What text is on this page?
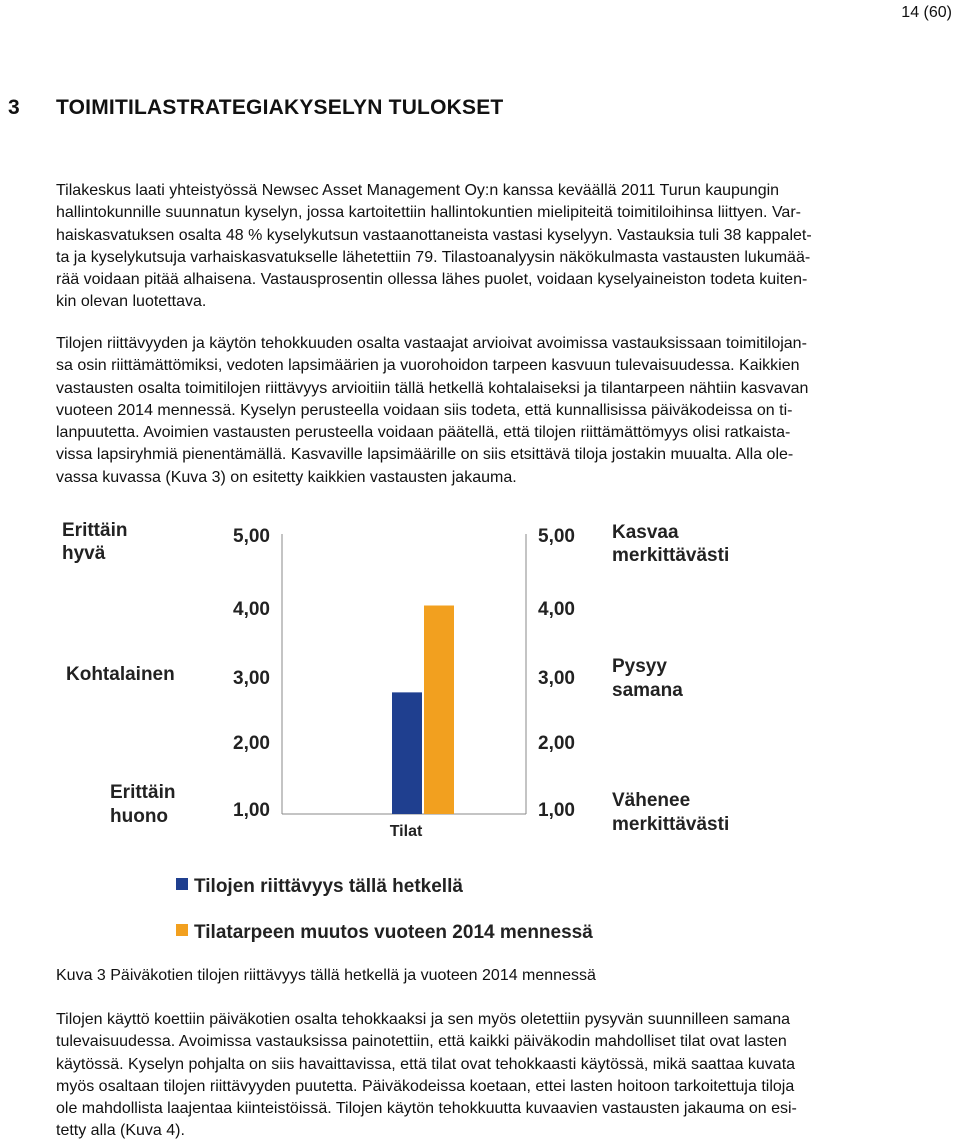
14 (60)
3 TOIMITILASTRATEGIAKYSELYN TULOKSET
Tilakeskus laati yhteistyössä Newsec Asset Management Oy:n kanssa keväällä 2011 Turun kaupungin
hallintokunnille suunnatun kyselyn, jossa kartoitettiin hallintokuntien mielipiteitä toimitiloihinsa liittyen. Var-
haiskasvatuksen osalta 48 % kyselykutsun vastaanottaneista vastasi kyselyyn. Vastauksia tuli 38 kappalet-
ta ja kyselykutsuja varhaiskasvatukselle lähetettiin 79. Tilastoanalyysin näkökulmasta vastausten lukumää-
rää voidaan pitää alhaisena. Vastausprosentin ollessa lähes puolet, voidaan kyselyaineiston todeta kuiten-
kin olevan luotettava.
Tilojen riittävyyden ja käytön tehokkuuden osalta vastaajat arvioivat avoimissa vastauksissaan toimitilojan-
sa osin riittämättömiksi, vedoten lapsimäärien ja vuorohoidon tarpeen kasvuun tulevaisuudessa. Kaikkien
vastausten osalta toimitilojen riittävyys arvioitiin tällä hetkellä kohtalaiseksi ja tilantarpeen nähtiin kasvavan
vuoteen 2014 mennessä. Kyselyn perusteella voidaan siis todeta, että kunnallisissa päiväkodeissa on ti-
lanpuutetta. Avoimien vastausten perusteella voidaan päätellä, että tilojen riittämättömyys olisi ratkaista-
vissa lapsiryhmiä pienentämällä. Kasvaville lapsimäärille on siis etsittävä tiloja jostakin muualta. Alla ole-
vassa kuvassa (Kuva 3) on esitetty kaikkien vastausten jakauma.
Erittäin
hyvä
Kohtalainen
Erittäin
huono
5,00
4,00
3,00
2,00
1,00
Tilat
5,00
4,00
3,00
2,00
1,00
Kasvaa
merkittävästi
Pysyy
samana
Vähenee
merkittävästi
Tilojen riittävyys tällä hetkellä
Tilatarpeen muutos vuoteen 2014 mennessä
Kuva 3 Päiväkotien tilojen riittävyys tällä hetkellä ja vuoteen 2014 mennessä
Tilojen käyttö koettiin päiväkotien osalta tehokkaaksi ja sen myös oletettiin pysyvän suunnilleen samana
tulevaisuudessa. Avoimissa vastauksissa painotettiin, että kaikki päiväkodin mahdolliset tilat ovat lasten
käytössä. Kyselyn pohjalta on siis havaittavissa, että tilat ovat tehokkaasti käytössä, mikä saattaa kuvata
myös osaltaan tilojen riittävyyden puutetta. Päiväkodeissa koetaan, ettei lasten hoitoon tarkoitettuja tiloja
ole mahdollista laajentaa kiinteistöissä. Tilojen käytön tehokkuutta kuvaavien vastausten jakauma on esi-
tetty alla (Kuva 4).
